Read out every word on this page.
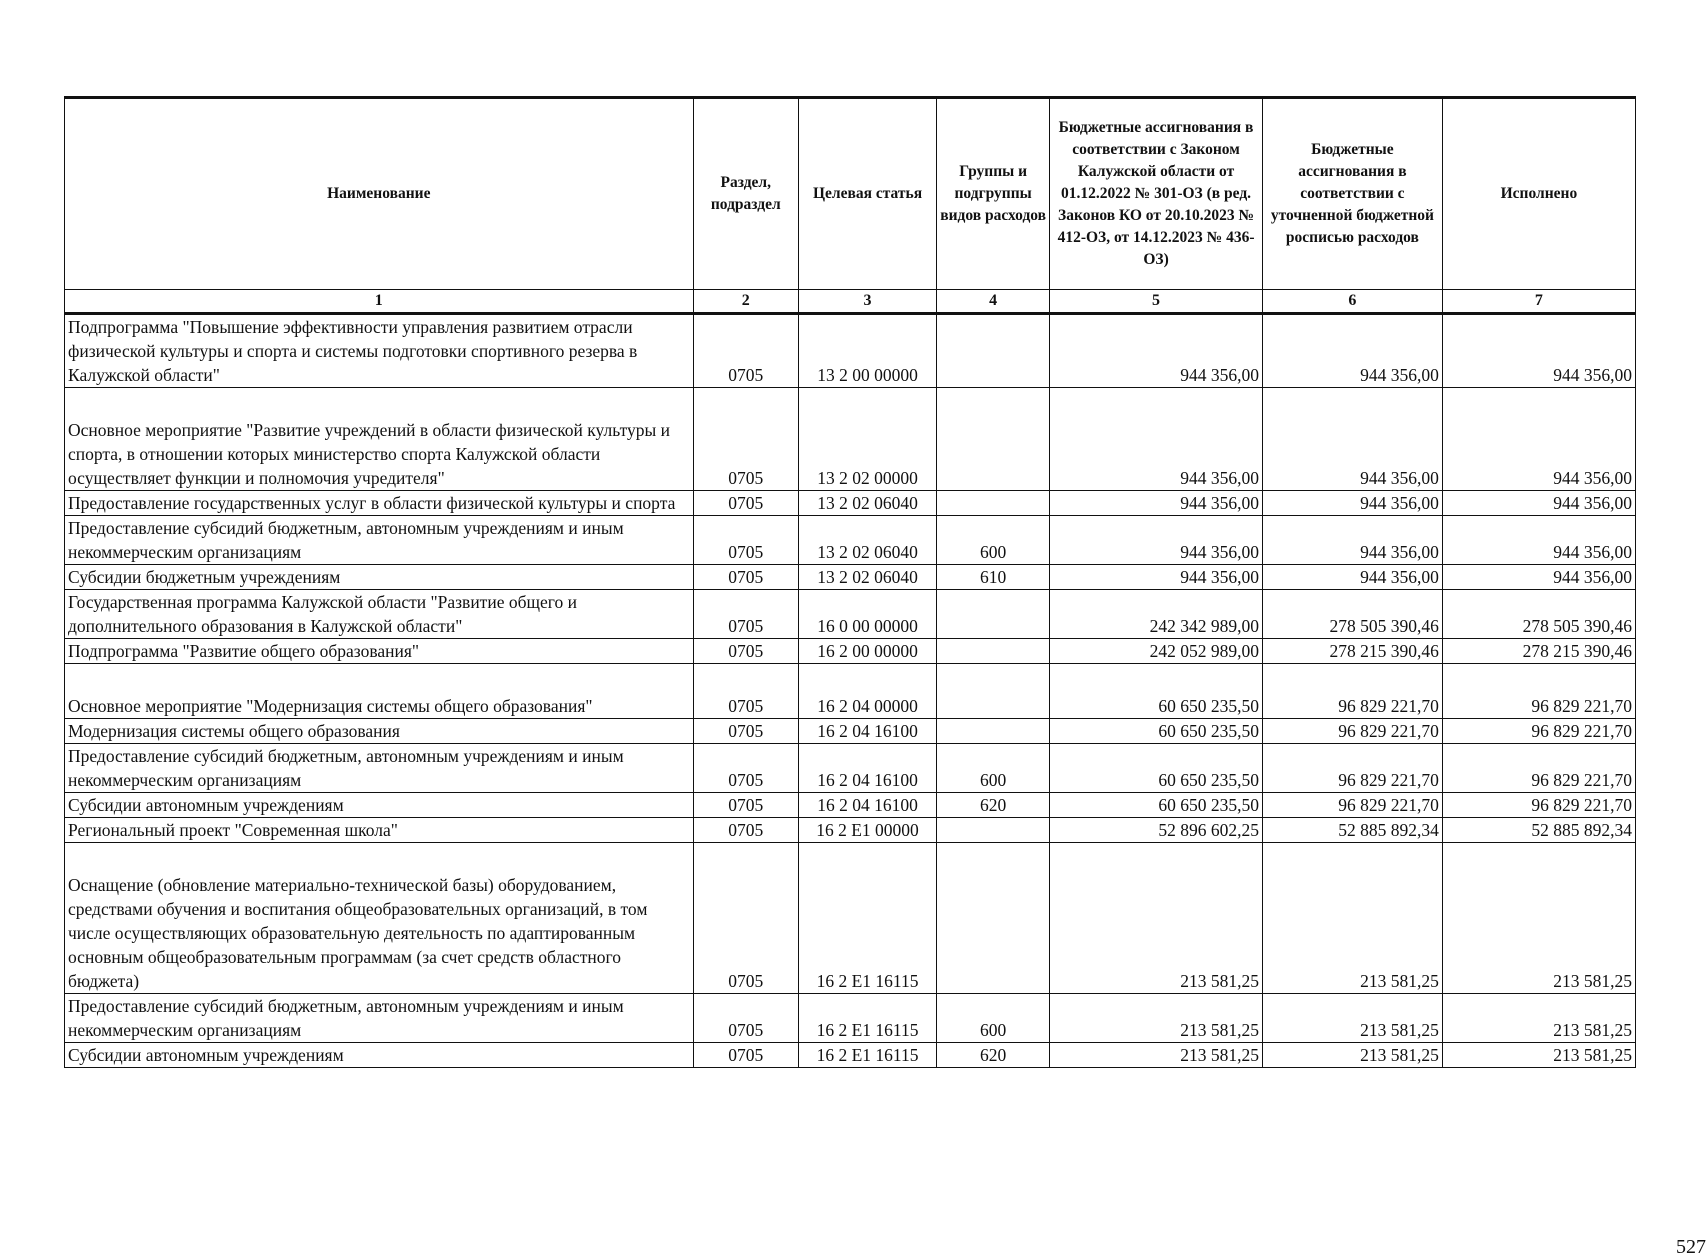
Наименование	Раздел, подраздел	Целевая статья	Группы и подгруппы видов расходов	Бюджетные ассигнования в соответствии с Законом Калужской области от 01.12.2022 № 301-ОЗ (в ред. Законов КО от 20.10.2023 № 412-ОЗ, от 14.12.2023 № 436-ОЗ)	Бюджетные ассигнования в соответствии с уточненной бюджетной росписью расходов	Исполнено
1	2	3	4	5	6	7
Подпрограмма "Повышение эффективности управления развитием отрасли физической культуры и спорта и системы подготовки спортивного резерва в Калужской области"	0705	13 2 00 00000		944 356,00	944 356,00	944 356,00
Основное мероприятие "Развитие учреждений в области физической культуры и спорта, в отношении которых министерство спорта Калужской области осуществляет функции и полномочия учредителя"	0705	13 2 02 00000		944 356,00	944 356,00	944 356,00
Предоставление государственных услуг в области физической культуры и спорта	0705	13 2 02 06040		944 356,00	944 356,00	944 356,00
Предоставление субсидий бюджетным, автономным учреждениям и иным некоммерческим организациям	0705	13 2 02 06040	600	944 356,00	944 356,00	944 356,00
Субсидии бюджетным учреждениям	0705	13 2 02 06040	610	944 356,00	944 356,00	944 356,00
Государственная программа Калужской области "Развитие общего и дополнительного образования в Калужской области"	0705	16 0 00 00000		242 342 989,00	278 505 390,46	278 505 390,46
Подпрограмма "Развитие общего образования"	0705	16 2 00 00000		242 052 989,00	278 215 390,46	278 215 390,46
Основное мероприятие "Модернизация системы общего образования"	0705	16 2 04 00000		60 650 235,50	96 829 221,70	96 829 221,70
Модернизация системы общего образования	0705	16 2 04 16100		60 650 235,50	96 829 221,70	96 829 221,70
Предоставление субсидий бюджетным, автономным учреждениям и иным некоммерческим организациям	0705	16 2 04 16100	600	60 650 235,50	96 829 221,70	96 829 221,70
Субсидии автономным учреждениям	0705	16 2 04 16100	620	60 650 235,50	96 829 221,70	96 829 221,70
Региональный проект "Современная школа"	0705	16 2 E1 00000		52 896 602,25	52 885 892,34	52 885 892,34
Оснащение (обновление материально-технической базы) оборудованием, средствами обучения и воспитания общеобразовательных организаций, в том числе осуществляющих образовательную деятельность по адаптированным основным общеобразовательным программам (за счет средств областного бюджета)	0705	16 2 E1 16115		213 581,25	213 581,25	213 581,25
Предоставление субсидий бюджетным, автономным учреждениям и иным некоммерческим организациям	0705	16 2 E1 16115	600	213 581,25	213 581,25	213 581,25
Субсидии автономным учреждениям	0705	16 2 E1 16115	620	213 581,25	213 581,25	213 581,25
527
